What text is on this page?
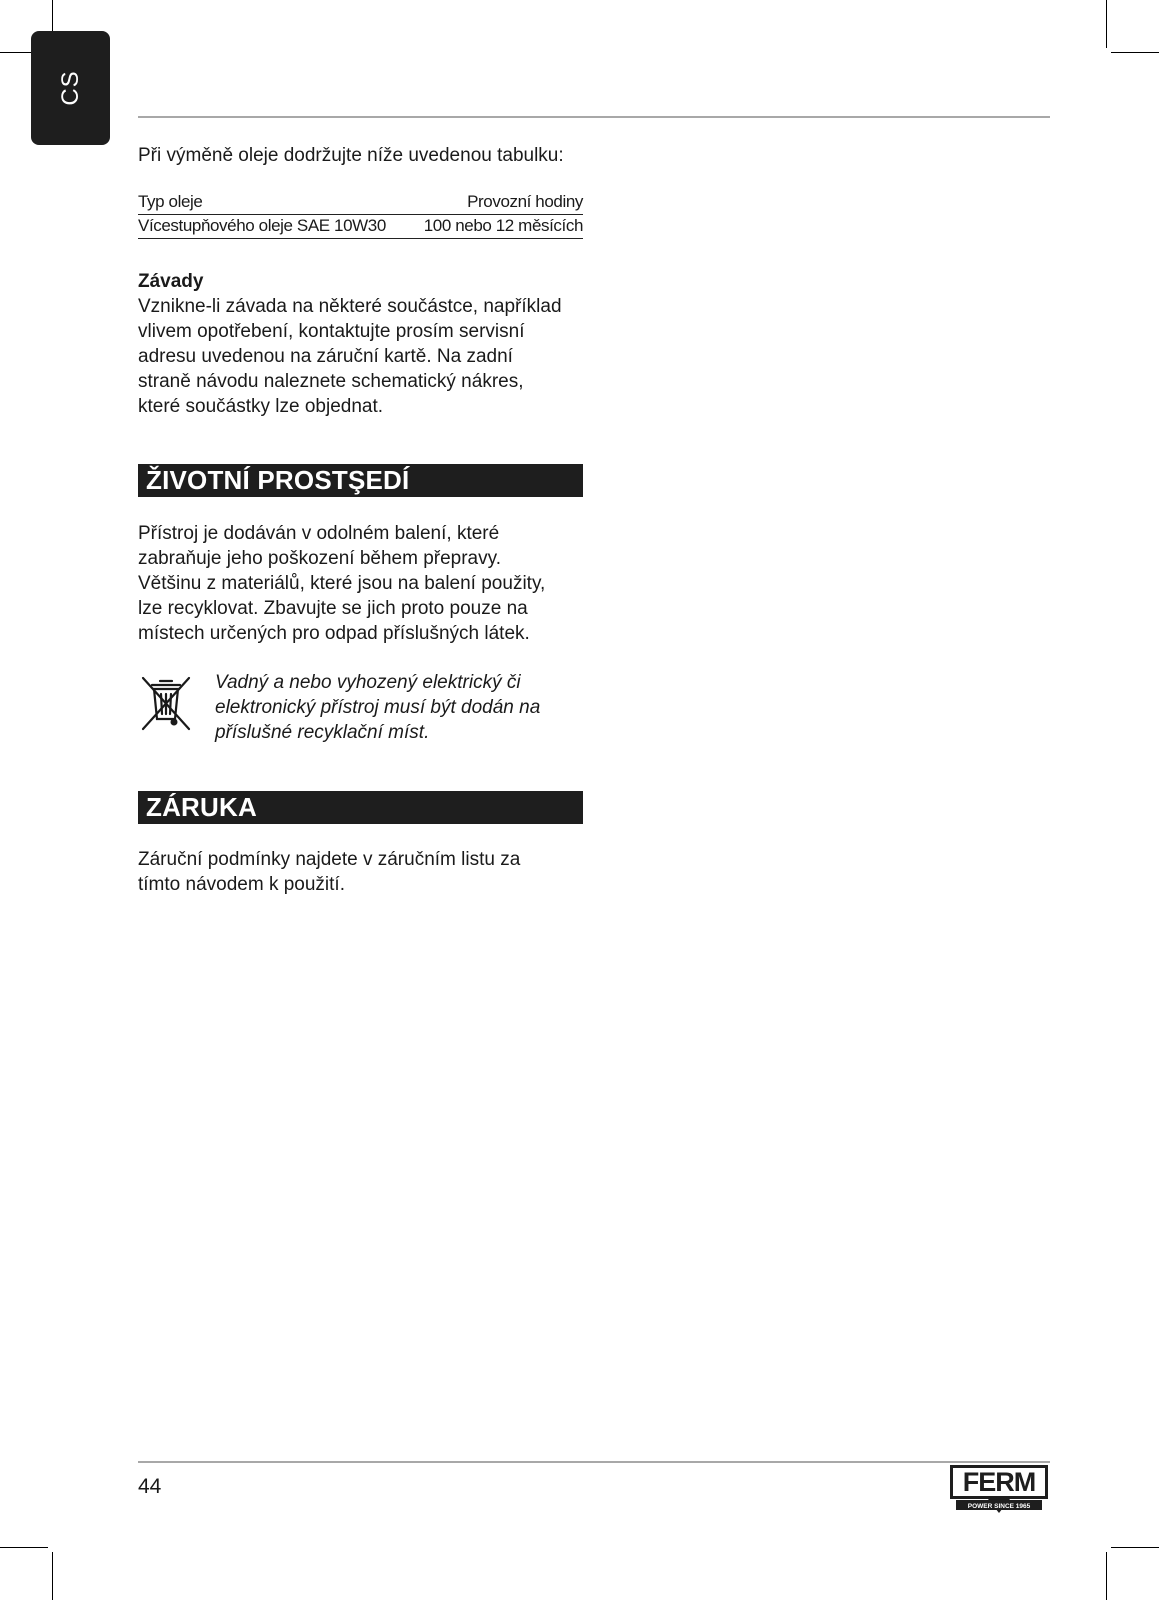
CS

Při výměně oleje dodržujte níže uvedenou tabulku:

Typ oleje	Provozní hodiny
Vícestupňového oleje SAE 10W30 100 nebo 12 měsících

Závady

Vznikne-li závada na některé součástce, například

vlivem opotřebení, kontaktujte prosím servisní

adresu uvedenou na záruční kartě. Na zadní

straně návodu naleznete schematický nákres,

které součástky lze objednat.

ŽIVOTNÍ PROSTŞEDÍ

Přístroj je dodáván v odolném balení, které

zabraňuje jeho poškození během přepravy.

Většinu z materiálů, které jsou na balení použity,

lze recyklovat. Zbavujte se jich proto pouze na

místech určených pro odpad příslušných látek.

Vadný a nebo vyhozený elektrický či

elektronický přístroj musí být dodán na

příslušné recyklační míst.

ZÁRUKA

Záruční podmínky najdete v záručním listu za

tímto návodem k použití.

44	FERM
POWER SINCE 1965
